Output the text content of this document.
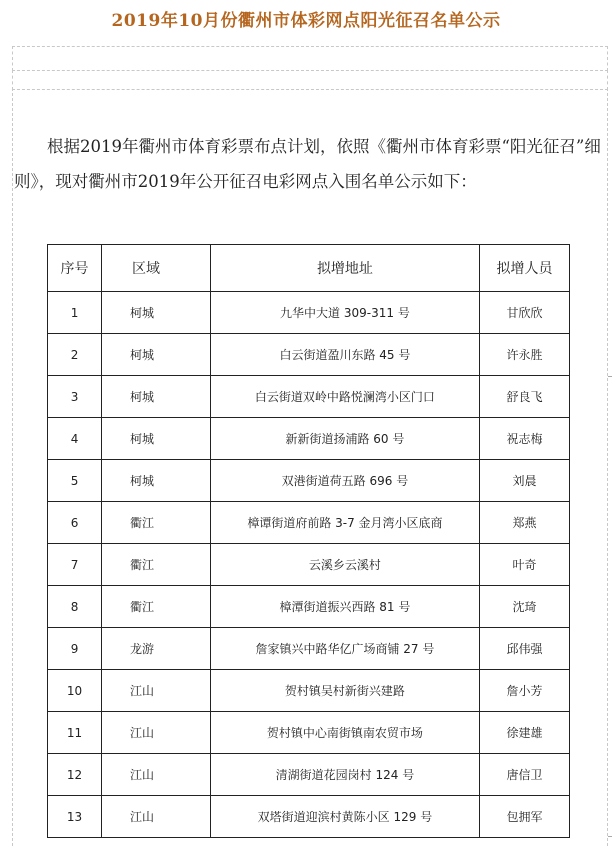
2019年10月份衢州市体彩网点阳光征召名单公示

根据2019年衢州市体育彩票布点计划，依照《衢州市体育彩票“阳光征召”细则》，现对衢州市2019年公开征召电彩网点入围名单公示如下：

序号	区域	拟增地址	拟增人员
1	柯城	九华中大道 309-311 号	甘欣欣
2	柯城	白云街道盈川东路 45 号	许永胜
3	柯城	白云街道双岭中路悦澜湾小区门口	舒良飞
4	柯城	新新街道扬浦路 60 号	祝志梅
5	柯城	双港街道荷五路 696 号	刘晨
6	衢江	樟谭街道府前路 3-7 金月湾小区底商	郑燕
7	衢江	云溪乡云溪村	叶奇
8	衢江	樟潭街道振兴西路 81 号	沈琦
9	龙游	詹家镇兴中路华亿广场商铺 27 号	邱伟强
10	江山	贺村镇吴村新街兴建路	詹小芳
11	江山	贺村镇中心南街镇南农贸市场	徐建雄
12	江山	清湖街道花园岗村 124 号	唐信卫
13	江山	双塔街道迎滨村黄陈小区 129 号	包拥军
